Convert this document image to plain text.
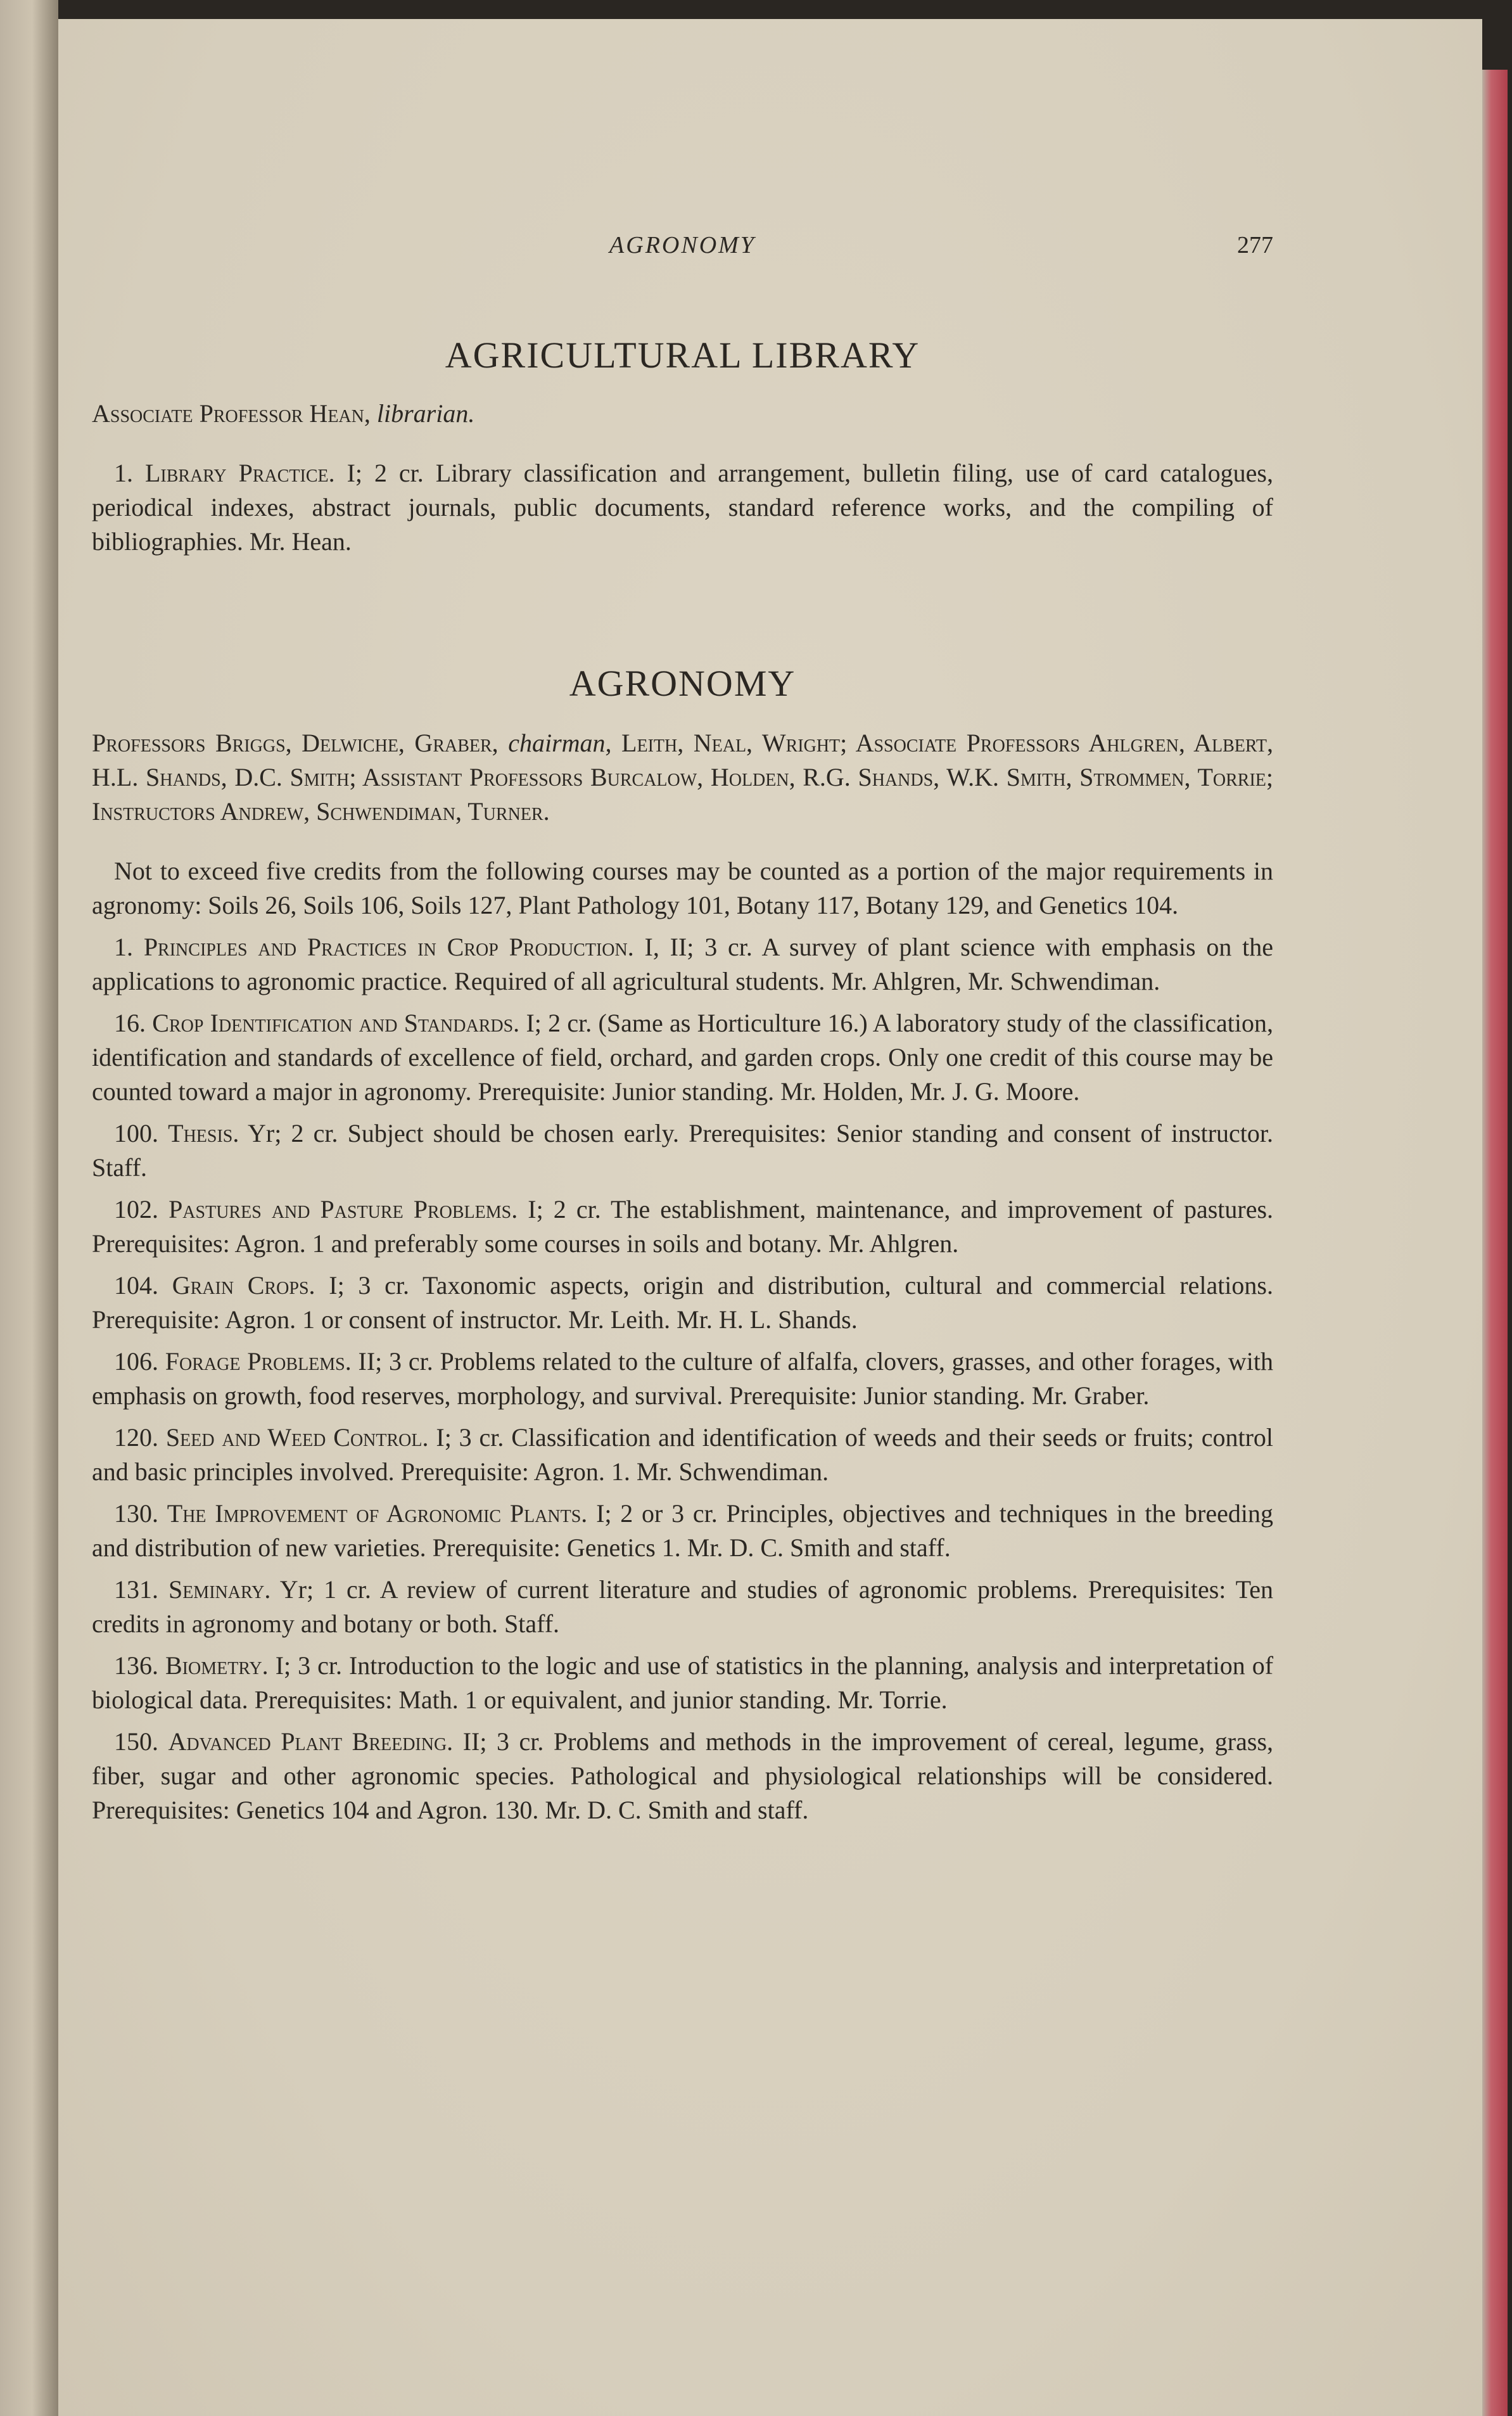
AGRONOMY	277
AGRICULTURAL LIBRARY

Associate Professor Hean, librarian.

1. Library Practice. I; 2 cr. Library classification and arrangement, bulletin filing, use of card catalogues, periodical indexes, abstract journals, public documents, standard reference works, and the compiling of bibliographies. Mr. Hean.

AGRONOMY

Professors Briggs, Delwiche, Graber, chairman, Leith, Neal, Wright; Associate Professors Ahlgren, Albert, H.L. Shands, D.C. Smith; Assistant Professors Burcalow, Holden, R.G. Shands, W.K. Smith, Strommen, Torrie; Instructors Andrew, Schwendiman, Turner.

Not to exceed five credits from the following courses may be counted as a portion of the major requirements in agronomy: Soils 26, Soils 106, Soils 127, Plant Pathology 101, Botany 117, Botany 129, and Genetics 104.

1. Principles and Practices in Crop Production. I, II; 3 cr. A survey of plant science with emphasis on the applications to agronomic practice. Required of all agricultural students. Mr. Ahlgren, Mr. Schwendiman.

16. Crop Identification and Standards. I; 2 cr. (Same as Horticulture 16.) A laboratory study of the classification, identification and standards of excellence of field, orchard, and garden crops. Only one credit of this course may be counted toward a major in agronomy. Prerequisite: Junior standing. Mr. Holden, Mr. J. G. Moore.

100. Thesis. Yr; 2 cr. Subject should be chosen early. Prerequisites: Senior standing and consent of instructor. Staff.

102. Pastures and Pasture Problems. I; 2 cr. The establishment, maintenance, and improvement of pastures. Prerequisites: Agron. 1 and preferably some courses in soils and botany. Mr. Ahlgren.

104. Grain Crops. I; 3 cr. Taxonomic aspects, origin and distribution, cultural and commercial relations. Prerequisite: Agron. 1 or consent of instructor. Mr. Leith. Mr. H. L. Shands.

106. Forage Problems. II; 3 cr. Problems related to the culture of alfalfa, clovers, grasses, and other forages, with emphasis on growth, food reserves, morphology, and survival. Prerequisite: Junior standing. Mr. Graber.

120. Seed and Weed Control. I; 3 cr. Classification and identification of weeds and their seeds or fruits; control and basic principles involved. Prerequisite: Agron. 1. Mr. Schwendiman.

130. The Improvement of Agronomic Plants. I; 2 or 3 cr. Principles, objectives and techniques in the breeding and distribution of new varieties. Prerequisite: Genetics 1. Mr. D. C. Smith and staff.

131. Seminary. Yr; 1 cr. A review of current literature and studies of agronomic problems. Prerequisites: Ten credits in agronomy and botany or both. Staff.

136. Biometry. I; 3 cr. Introduction to the logic and use of statistics in the planning, analysis and interpretation of biological data. Prerequisites: Math. 1 or equivalent, and junior standing. Mr. Torrie.

150. Advanced Plant Breeding. II; 3 cr. Problems and methods in the improvement of cereal, legume, grass, fiber, sugar and other agronomic species. Pathological and physiological relationships will be considered. Prerequisites: Genetics 104 and Agron. 130. Mr. D. C. Smith and staff.
